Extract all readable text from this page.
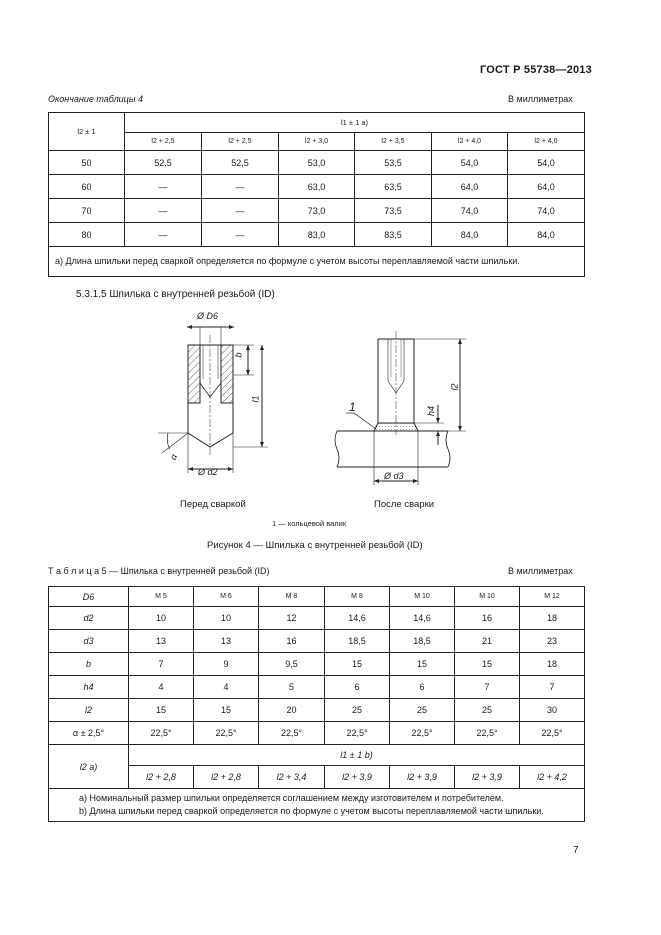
ГОСТ Р 55738—2013
Окончание таблицы 4	В миллиметрах
l2 ± 1	l1 ± 1 a)					
	l2 + 2,5	l2 + 2,5	l2 + 3,0	l2 + 3,5	l2 + 4,0	l2 + 4,0
50	52,5	52,5	53,0	53,5	54,0	54,0
60	—	—	63,0	63,5	64,0	64,0
70	—	—	73,0	73,5	74,0	74,0
80	—	—	83,0	83,5	84,0	84,0
a) Длина шпильки перед сваркой определяется по формуле с учетом высоты переплавляемой части шпильки.						
5.3.1.5 Шпилька с внутренней резьбой (ID)
Ø D6
b
l1
α
Ø d2
1	h4
l2
Ø d3
Перед сваркой	После сварки
1 — кольцевой валик
Рисунок 4 — Шпилька с внутренней резьбой (ID)
Т а б л и ц а 5 — Шпилька с внутренней резьбой (ID)	В миллиметрах
D6	М 5	М 6	М 8	М 8	М 10	М 10	М 12
d2	10	10	12	14,6	14,6	16	18
d3	13	13	16	18,5	18,5	21	23
b	7	9	9,5	15	15	15	18
h4	4	4	5	6	6	7	7
l2	15	15	20	25	25	25	30
α ± 2,5°	22,5°	22,5°	22,5°	22,5°	22,5°	22,5°	22,5°
l2 a)	l1 ± 1 b)						
	l2 + 2,8	l2 + 2,8	l2 + 3,4	l2 + 3,9	l2 + 3,9	l2 + 3,9	l2 + 4,2

а) Номинальный размер шпильки определяется соглашением между изготовителем и потребителем.
b) Длина шпильки перед сваркой определяется по формуле с учетом высоты переплавляемой части шпильки.							
7
